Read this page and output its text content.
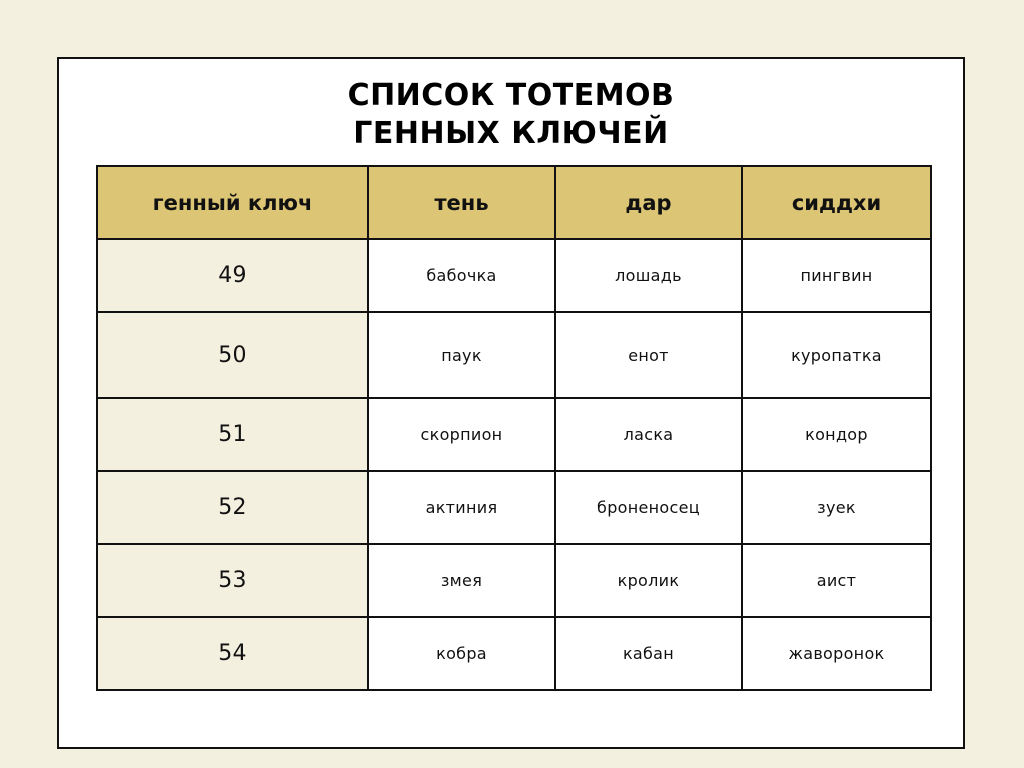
СПИСОК ТОТЕМОВ
ГЕННЫХ КЛЮЧЕЙ
генный ключ	тень	дар	сиддхи
49	бабочка	лошадь	пингвин
50	паук	енот	куропатка
51	скорпион	ласка	кондор
52	актиния	броненосец	зуек
53	змея	кролик	аист
54	кобра	кабан	жаворонок
